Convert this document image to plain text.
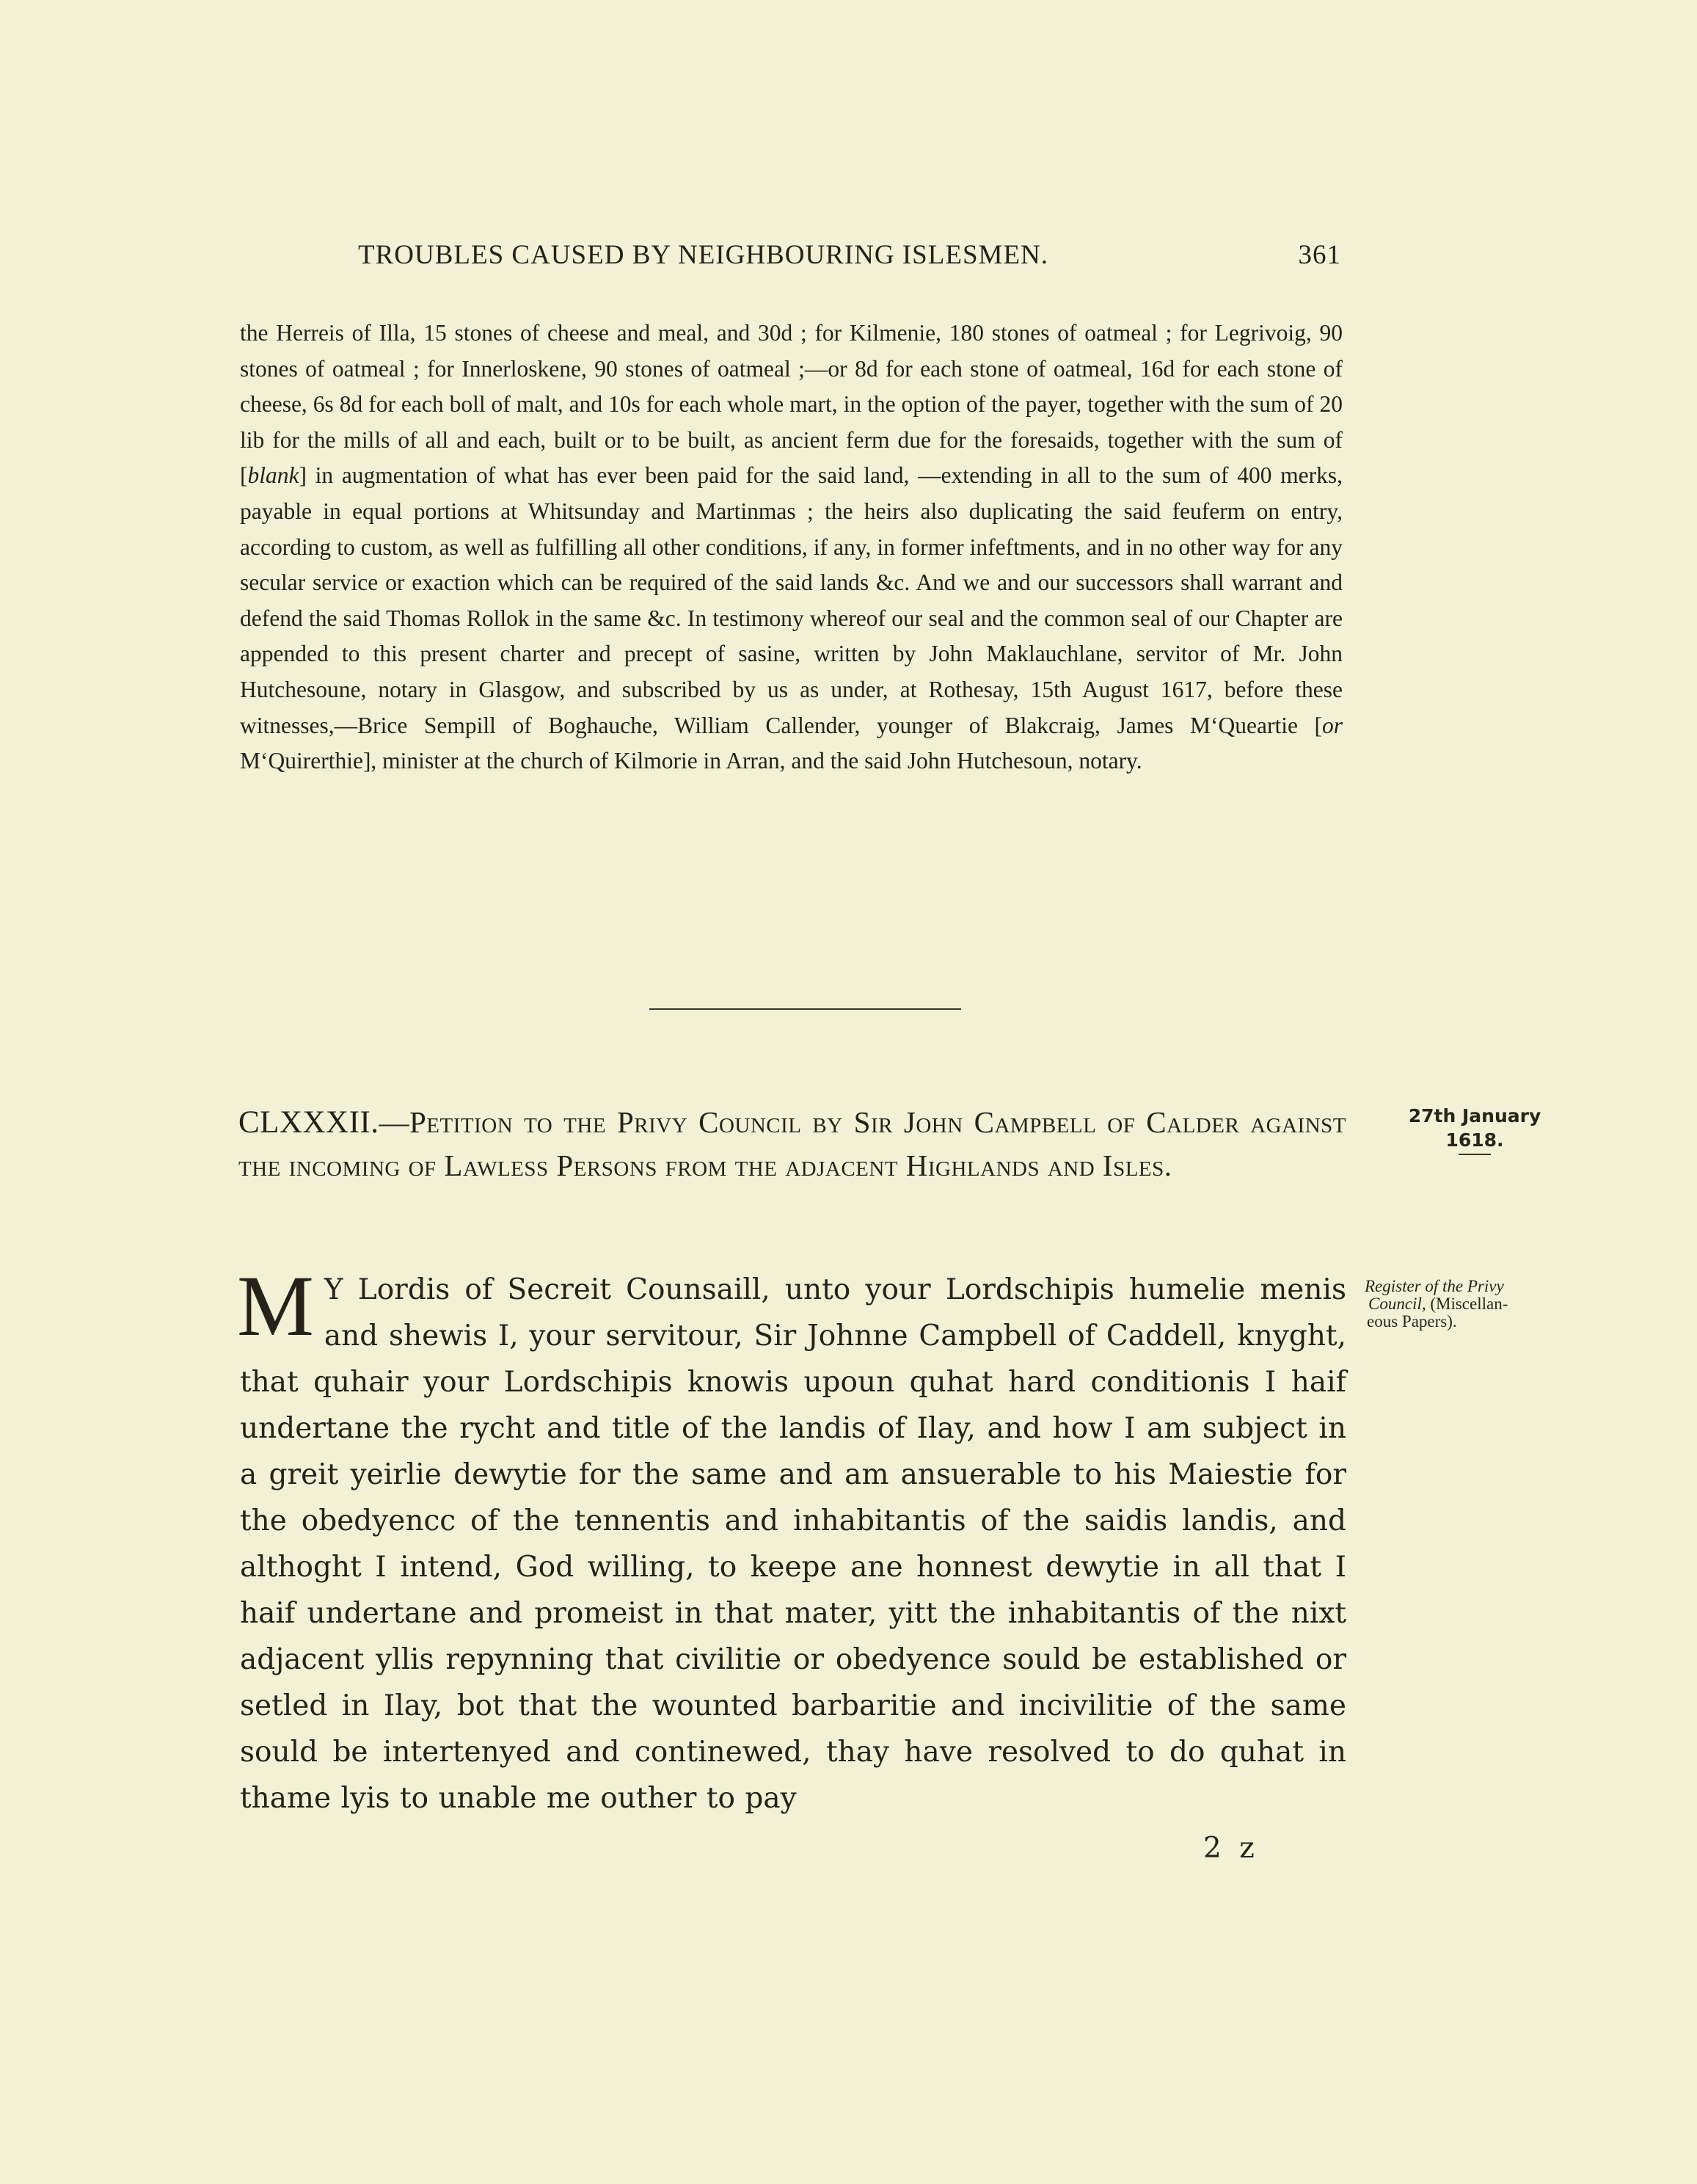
TROUBLES CAUSED BY NEIGHBOURING ISLESMEN.	361

the Herreis of Illa, 15 stones of cheese and meal, and 30d ; for Kilmenie, 180 stones of oatmeal ; for Legrivoig, 90 stones of oatmeal ; for Innerloskene, 90 stones of oatmeal ;—or 8d for each stone of oatmeal, 16d for each stone of cheese, 6s 8d for each boll of malt, and 10s for each whole mart, in the option of the payer, together with the sum of 20 lib for the mills of all and each, built or to be built, as ancient ferm due for the foresaids, together with the sum of [blank] in augmentation of what has ever been paid for the said land, —extending in all to the sum of 400 merks, payable in equal portions at Whitsunday and Martinmas ; the heirs also duplicating the said feuferm on entry, according to custom, as well as fulfilling all other conditions, if any, in former infeftments, and in no other way for any secular service or exaction which can be required of the said lands &c. And we and our successors shall warrant and defend the said Thomas Rollok in the same &c. In testimony whereof our seal and the common seal of our Chapter are appended to this present charter and precept of sasine, written by John Maklauchlane, servitor of Mr. John Hutchesoune, notary in Glasgow, and subscribed by us as under, at Rothesay, 15th August 1617, before these witnesses,—Brice Sempill of Boghauche, William Callender, younger of Blakcraig, James M‘Queartie [or M‘Quirerthie], minister at the church of Kilmorie in Arran, and the said John Hutchesoun, notary.

CLXXXII.—Petition to the Privy Council by Sir John Campbell of Calder against the incoming of Lawless Persons from the adjacent Highlands and Isles.
27th January
1618.
Register of the Privy
Council, (Miscellan-
eous Papers).

M Y Lordis of Secreit Counsaill, unto your Lordschipis humelie menis and shewis I, your servitour, Sir Johnne Campbell of Caddell, knyght, that quhair your Lordschipis knowis upoun quhat hard conditionis I haif undertane the rycht and title of the landis of Ilay, and how I am subject in a greit yeirlie dewytie for the same and am ansuerable to his Maiestie for the obedyencc of the tennentis and inhabitantis of the saidis landis, and althoght I intend, God willing, to keepe ane honnest dewytie in all that I haif undertane and promeist in that mater, yitt the inhabitantis of the nixt adjacent yllis repynning that civilitie or obedyence sould be established or setled in Ilay, bot that the wounted barbaritie and incivilitie of the same sould be intertenyed and continewed, thay have resolved to do quhat in thame lyis to unable me outher to pay

2 z
